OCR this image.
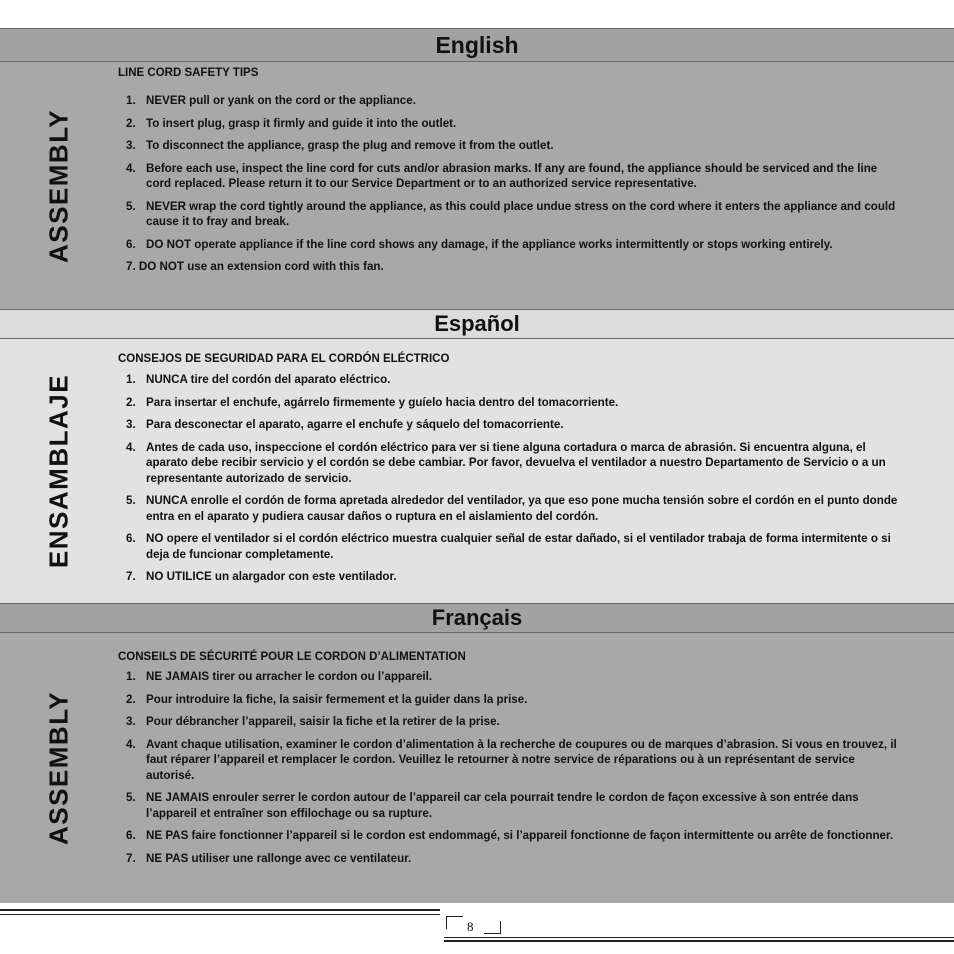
English
ASSEMBLY
LINE CORD SAFETY TIPS
1. NEVER pull or yank on the cord or the appliance.
2. To insert plug, grasp it firmly and guide it into the outlet.
3. To disconnect the appliance, grasp the plug and remove it from the outlet.
4. Before each use, inspect the line cord for cuts and/or abrasion marks. If any are found, the appliance should be serviced and the line cord replaced. Please return it to our Service Department or to an authorized service representative.
5. NEVER wrap the cord tightly around the appliance, as this could place undue stress on the cord where it enters the appliance and could cause it to fray and break.
6. DO NOT operate appliance if the line cord shows any damage, if the appliance works intermittently or stops working entirely.
7. DO NOT use an extension cord with this fan.
Español
ENSAMBLAJE
CONSEJOS DE SEGURIDAD PARA EL CORDÓN ELÉCTRICO
1. NUNCA tire del cordón del aparato eléctrico.
2. Para insertar el enchufe, agárrelo firmemente y guíelo hacia dentro del tomacorriente.
3. Para desconectar el aparato, agarre el enchufe y sáquelo del tomacorriente.
4. Antes de cada uso, inspeccione el cordón eléctrico para ver si tiene alguna cortadura o marca de abrasión. Si encuentra alguna, el aparato debe recibir servicio y el cordón se debe cambiar. Por favor, devuelva el ventilador a nuestro Departamento de Servicio o a un representante autorizado de servicio.
5. NUNCA enrolle el cordón de forma apretada alrededor del ventilador, ya que eso pone mucha tensión sobre el cordón en el punto donde entra en el aparato y pudiera causar daños o ruptura en el aislamiento del cordón.
6. NO opere el ventilador si el cordón eléctrico muestra cualquier señal de estar dañado, si el ventilador trabaja de forma intermitente o si deja de funcionar completamente.
7. NO UTILICE un alargador con este ventilador.
Français
ASSEMBLY
CONSEILS DE SÉCURITÉ POUR LE CORDON D’ALIMENTATION
1. NE JAMAIS tirer ou arracher le cordon ou l’appareil.
2. Pour introduire la fiche, la saisir fermement et la guider dans la prise.
3. Pour débrancher l’appareil, saisir la fiche et la retirer de la prise.
4. Avant chaque utilisation, examiner le cordon d’alimentation à la recherche de coupures ou de marques d’abrasion. Si vous en trouvez, il faut réparer l’appareil et remplacer le cordon. Veuillez le retourner à notre service de réparations ou à un représentant de service autorisé.
5. NE JAMAIS enrouler serrer le cordon autour de l’appareil car cela pourrait tendre le cordon de façon excessive à son entrée dans l’appareil et entraîner son effilochage ou sa rupture.
6. NE PAS faire fonctionner l’appareil si le cordon est endommagé, si l’appareil fonctionne de façon intermittente ou arrête de fonctionner.
7. NE PAS utiliser une rallonge avec ce ventilateur.
8
